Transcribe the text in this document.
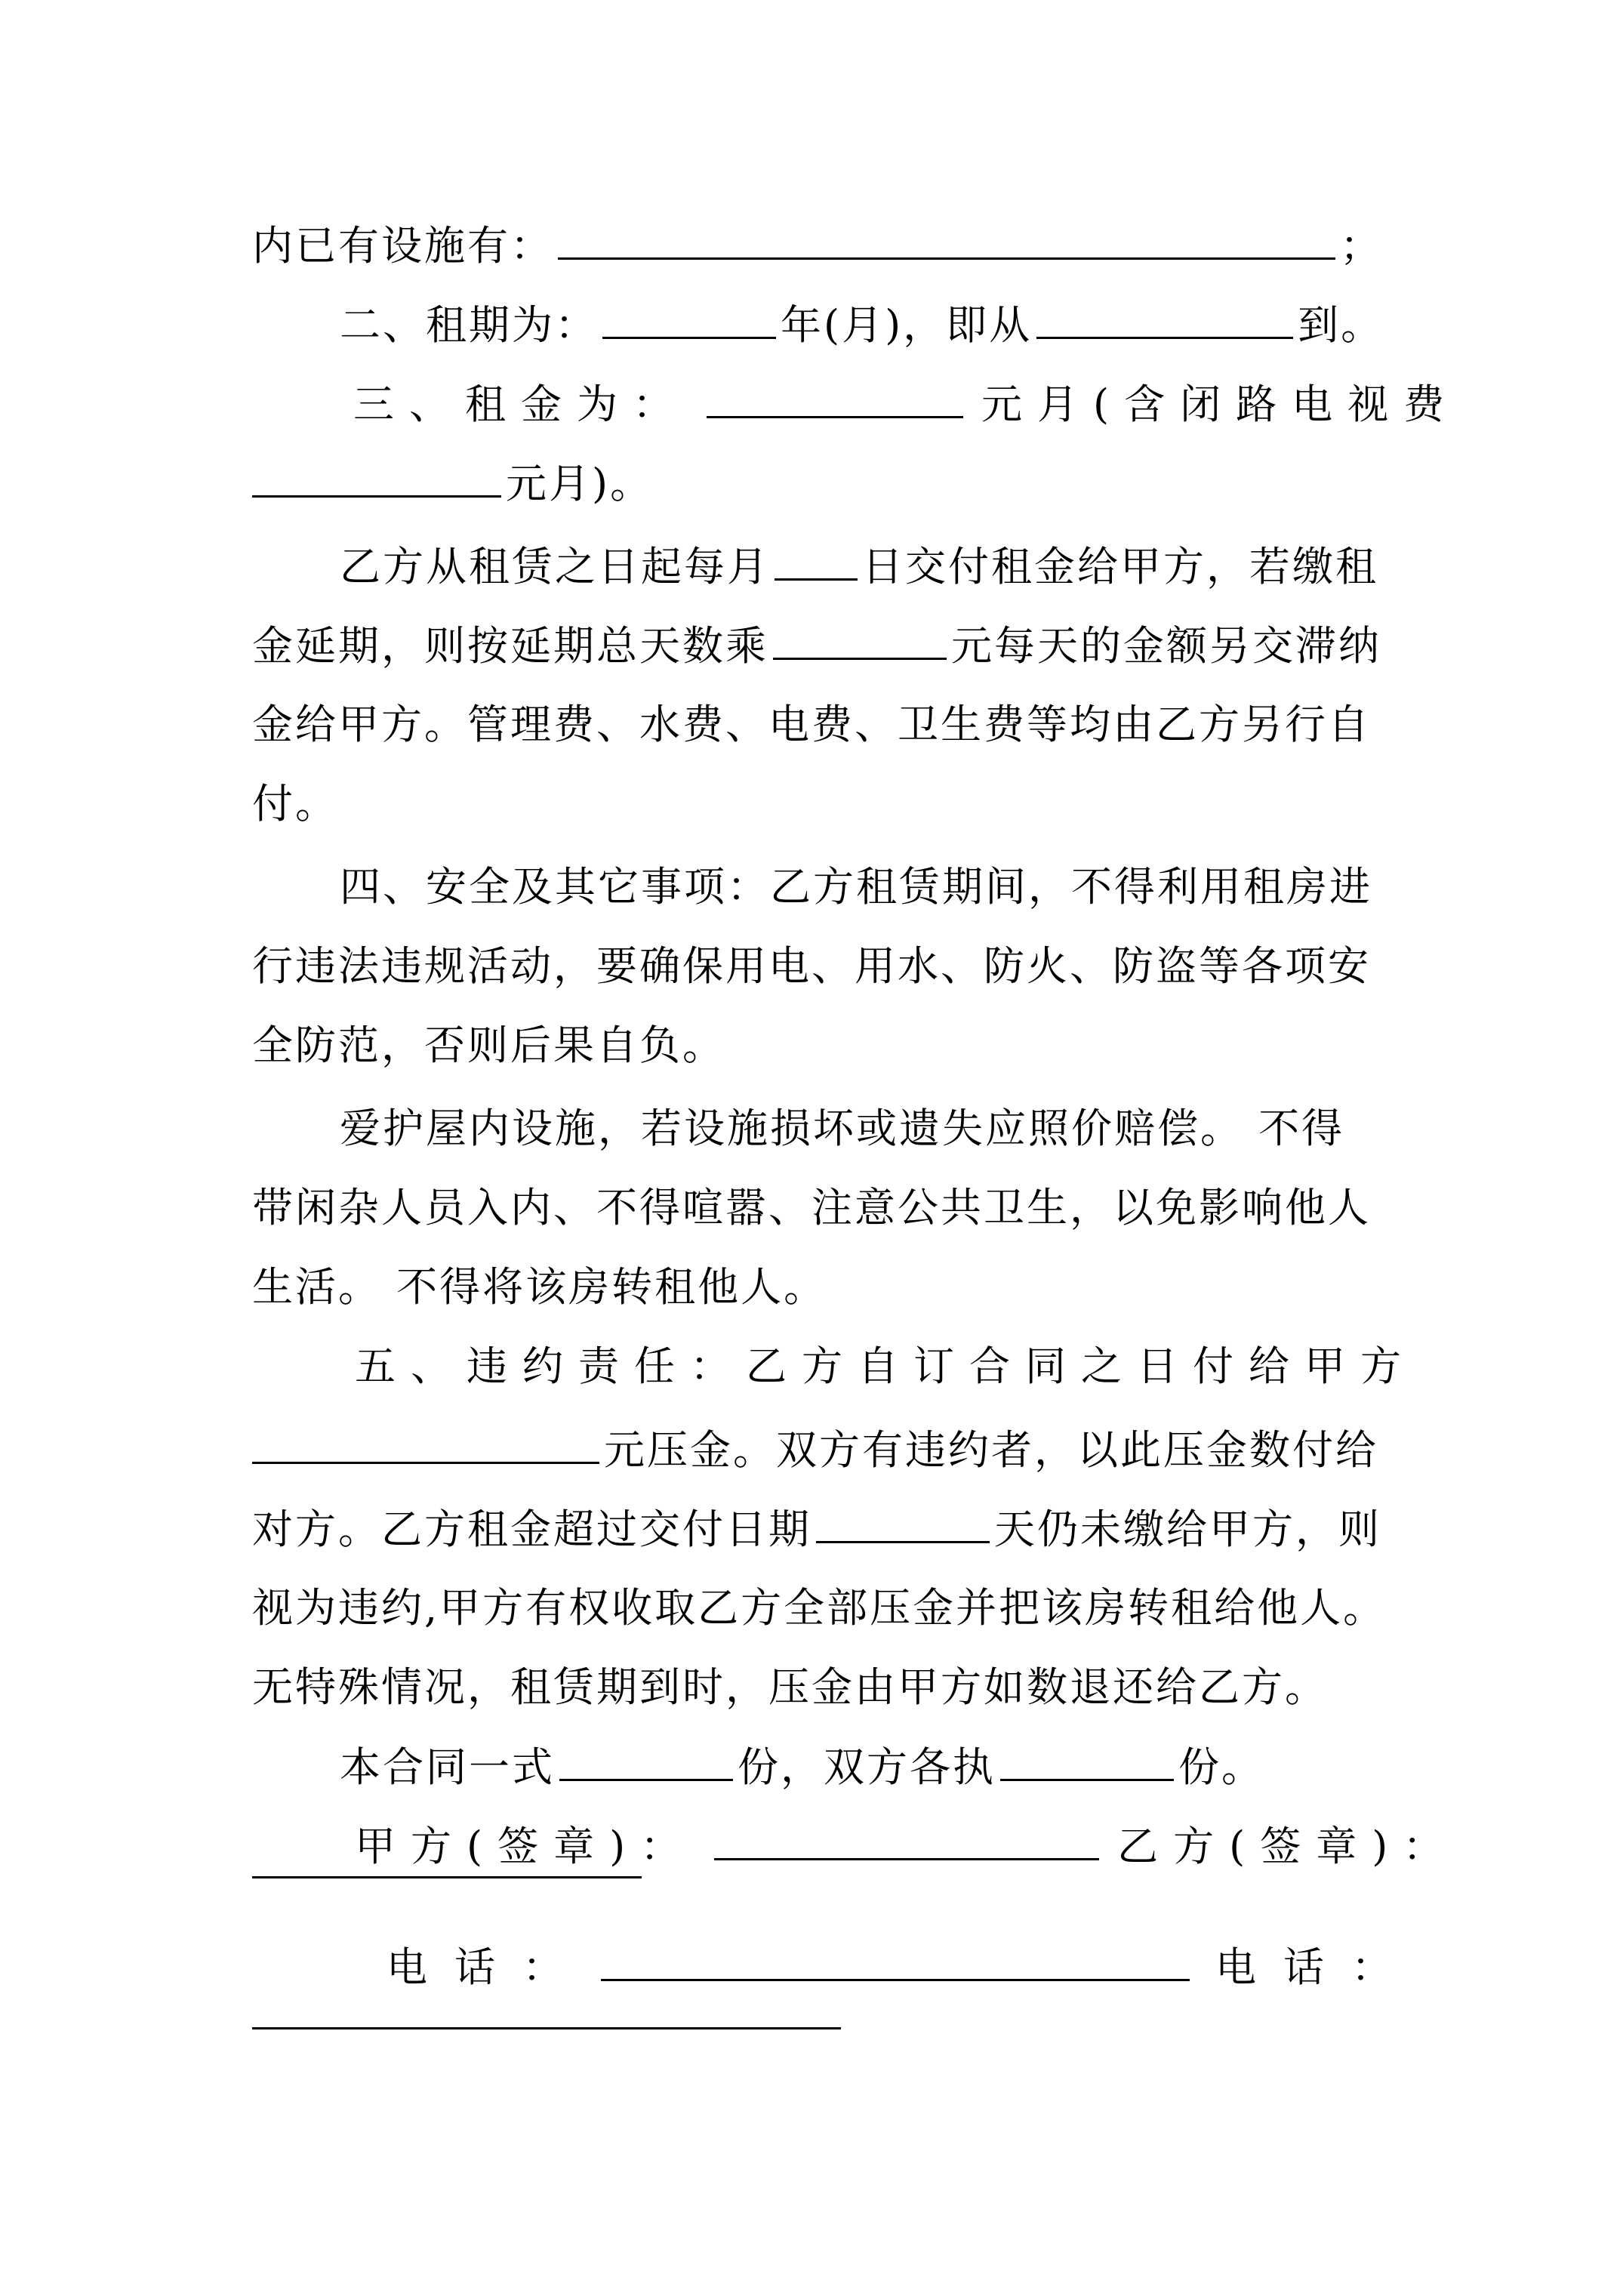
内已有设施有：	；
二、租期为：	年(月)，即从	到。
三、租金为：	元月(含闭路电视费
元月)。
乙方从租赁之日起每月 日交付租金给甲方，若缴租
金延期，则按延期总天数乘	元每天的金额另交滞纳
金给甲方。管理费、水费、电费、卫生费等均由乙方另行自
付。
四、安全及其它事项：乙方租赁期间，不得利用租房进
行违法违规活动，要确保用电、用水、防火、防盗等各项安
全防范，否则后果自负。
爱护屋内设施，若设施损坏或遗失应照价赔偿。 不得
带闲杂人员入内、不得喧嚣、注意公共卫生，以免影响他人
生活。 不得将该房转租他人。
五、违约责任：乙方自订合同之日付给甲方
元压金。双方有违约者，以此压金数付给
对方。乙方租金超过交付日期	天仍未缴给甲方，则
视为违约,甲方有权收取乙方全部压金并把该房转租给他人。
无特殊情况，租赁期到时，压金由甲方如数退还给乙方。
本合同一式	份，双方各执	份。
甲方(签章)：	乙方(签章)：
电话：	电话：
